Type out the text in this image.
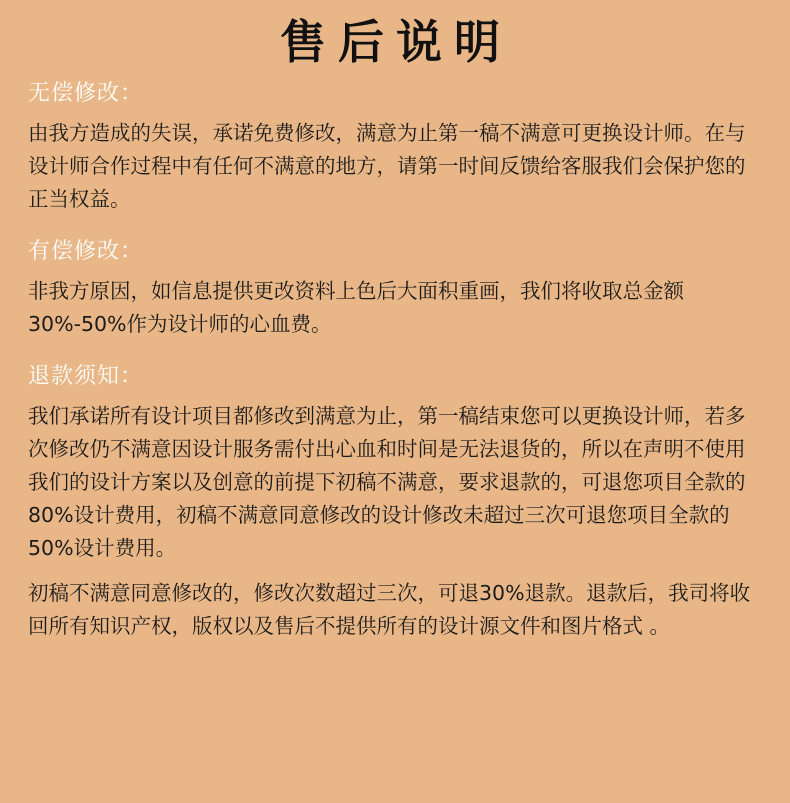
售后说明
无偿修改：

由我方造成的失误，承诺免费修改，满意为止第一稿不满意可更换设计师。在与设计师合作过程中有任何不满意的地方，请第一时间反馈给客服我们会保护您的正当权益。

有偿修改：

非我方原因，如信息提供更改资料上色后大面积重画，我们将收取总金额30%-50%作为设计师的心血费。

退款须知：

我们承诺所有设计项目都修改到满意为止，第一稿结束您可以更换设计师，若多次修改仍不满意因设计服务需付出心血和时间是无法退货的，所以在声明不使用我们的设计方案以及创意的前提下初稿不满意，要求退款的，可退您项目全款的80%设计费用，初稿不满意同意修改的设计修改未超过三次可退您项目全款的50%设计费用。

初稿不满意同意修改的，修改次数超过三次，可退30%退款。退款后，我司将收回所有知识产权，版权以及售后不提供所有的设计源文件和图片格式 。
